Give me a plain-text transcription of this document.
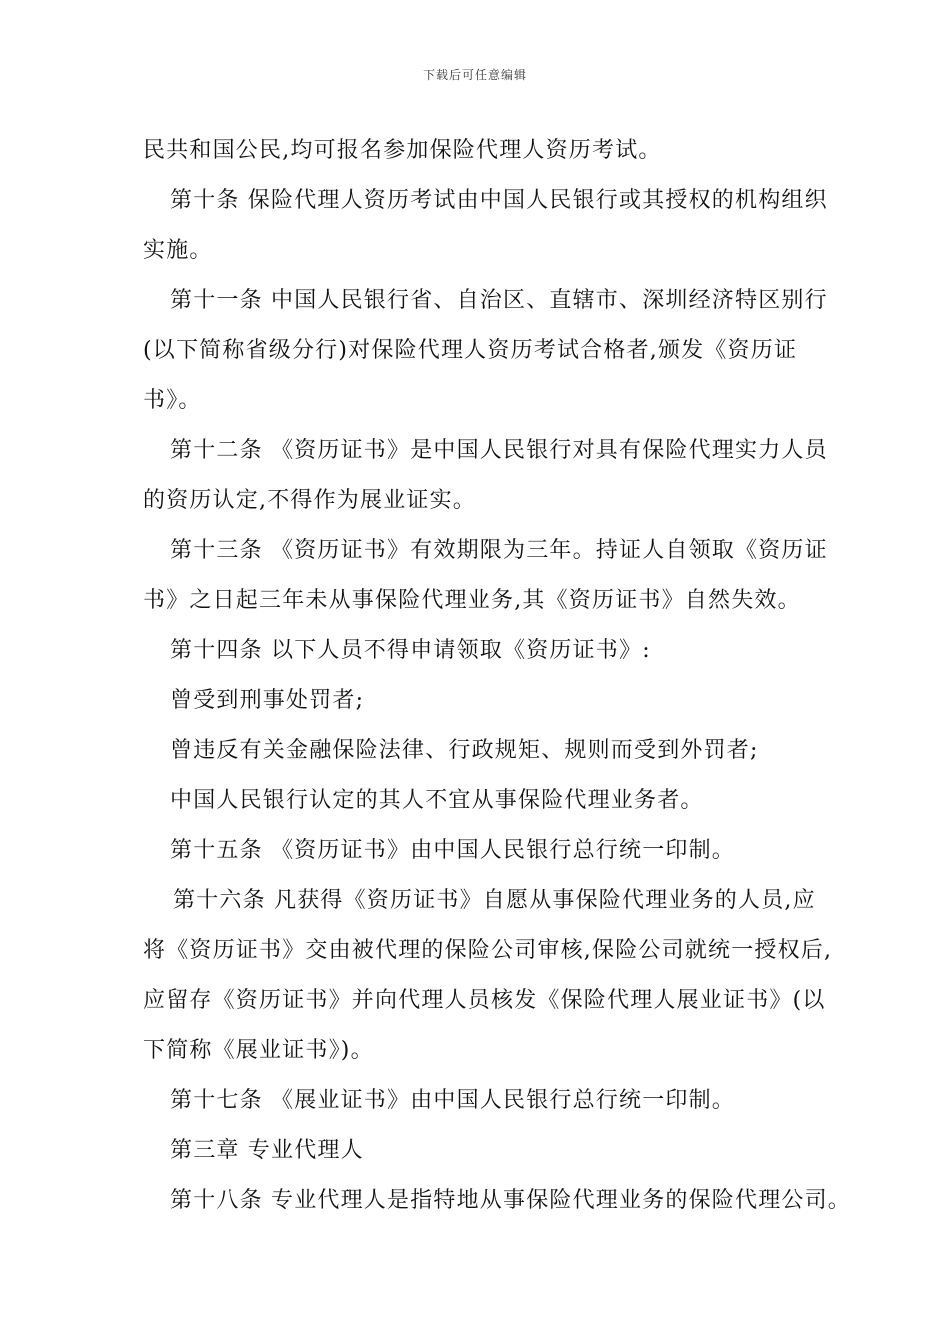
下载后可任意编辑

民共和国公民,均可报名参加保险代理人资历考试。

第十条 保险代理人资历考试由中国人民银行或其授权的机构组织

实施。

第十一条 中国人民银行省、自治区、直辖市、深圳经济特区别行

(以下简称省级分行)对保险代理人资历考试合格者,颁发《资历证

书》。

第十二条 《资历证书》是中国人民银行对具有保险代理实力人员

的资历认定,不得作为展业证实。

第十三条 《资历证书》有效期限为三年。持证人自领取《资历证

书》之日起三年未从事保险代理业务,其《资历证书》自然失效。

第十四条 以下人员不得申请领取《资历证书》:

曾受到刑事处罚者;

曾违反有关金融保险法律、行政规矩、规则而受到外罚者;

中国人民银行认定的其人不宜从事保险代理业务者。

第十五条 《资历证书》由中国人民银行总行统一印制。

第十六条 凡获得《资历证书》自愿从事保险代理业务的人员,应

将《资历证书》交由被代理的保险公司审核,保险公司就统一授权后,

应留存《资历证书》并向代理人员核发《保险代理人展业证书》(以

下简称《展业证书》)。

第十七条 《展业证书》由中国人民银行总行统一印制。

第三章 专业代理人

第十八条 专业代理人是指特地从事保险代理业务的保险代理公司。
